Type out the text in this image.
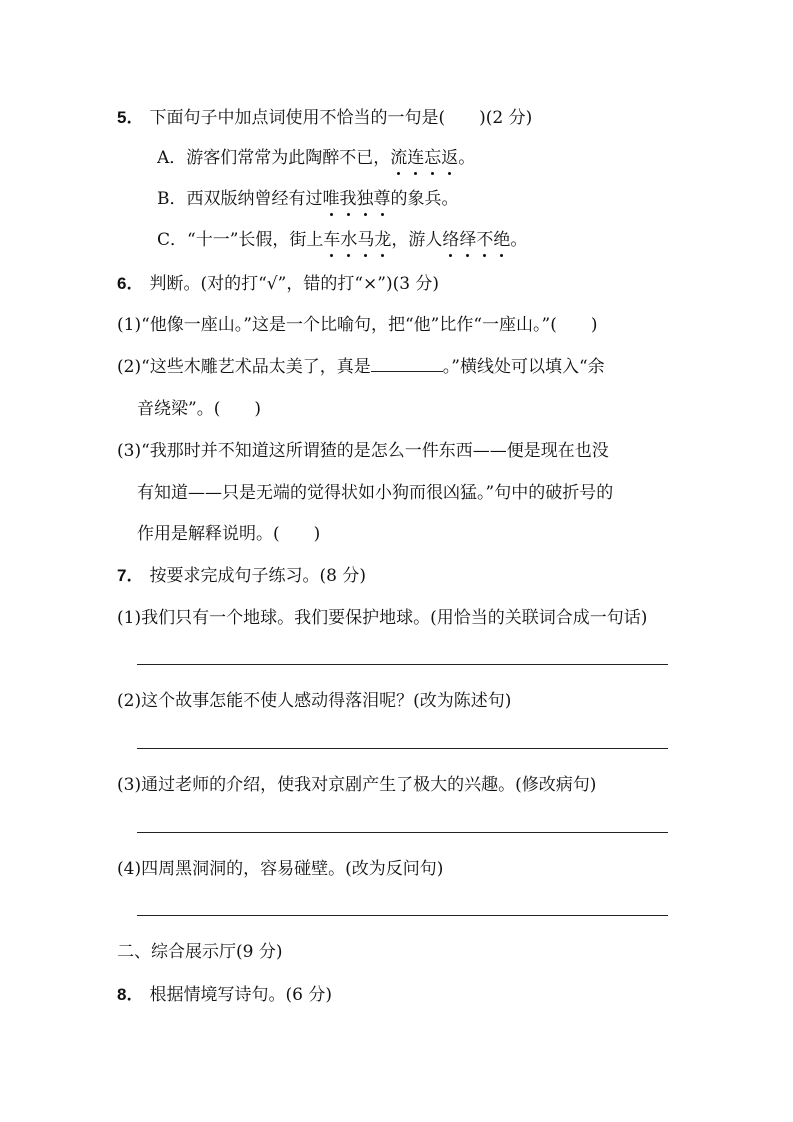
5． 下面句子中加点词使用不恰当的一句是(　　)(2 分)
A．游客们常常为此陶醉不已，流连忘返。
B．西双版纳曾经有过唯我独尊的象兵。
C．“十一”长假，街上车水马龙，游人络绎不绝。
6． 判断。(对的打“√”，错的打“×”)(3 分)
(1)“他像一座山。”这是一个比喻句，把“他”比作“一座山。”(　　)
(2)“这些木雕艺术品太美了，真是	。”横线处可以填入“余
音绕梁”。(　　)
(3)“我那时并不知道这所谓猹的是怎么一件东西——便是现在也没
有知道——只是无端的觉得状如小狗而很凶猛。”句中的破折号的
作用是解释说明。(　　)
7． 按要求完成句子练习。(8 分)
(1)我们只有一个地球。我们要保护地球。(用恰当的关联词合成一句话)
(2)这个故事怎能不使人感动得落泪呢？(改为陈述句)
(3)通过老师的介绍，使我对京剧产生了极大的兴趣。(修改病句)
(4)四周黑洞洞的，容易碰壁。(改为反问句)
二、综合展示厅(9 分)
8． 根据情境写诗句。(6 分)
